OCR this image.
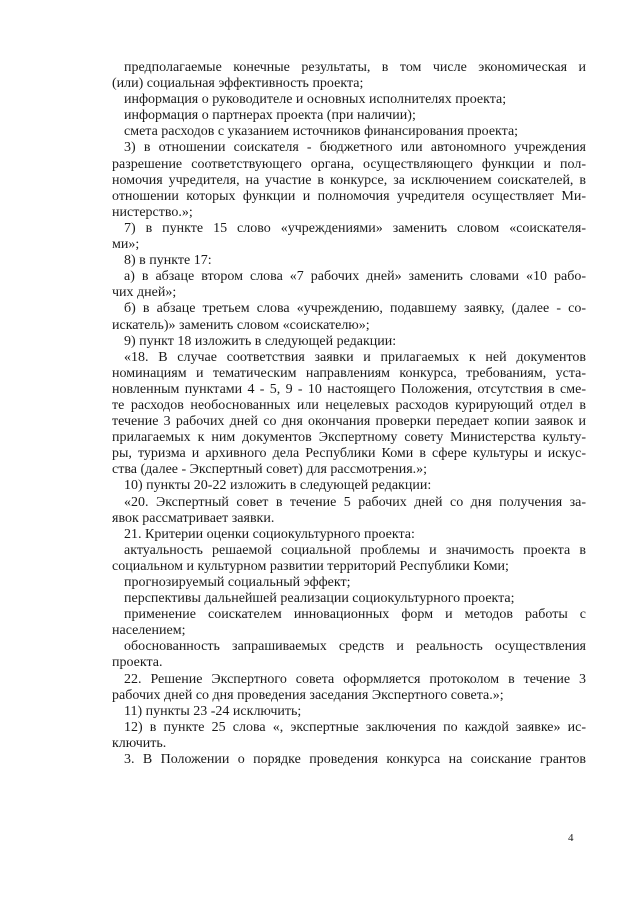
предполагаемые конечные результаты, в том числе экономическая и
(или) социальная эффективность проекта;
информация о руководителе и основных исполнителях проекта;
информация о партнерах проекта (при наличии);
смета расходов с указанием источников финансирования проекта;
3) в отношении соискателя - бюджетного или автономного учреждения
разрешение соответствующего органа, осуществляющего функции и пол-
номочия учредителя, на участие в конкурсе, за исключением соискателей, в
отношении которых функции и полномочия учредителя осуществляет Ми-
нистерство.»;
7) в пункте 15 слово «учреждениями» заменить словом «соискателя-
ми»;
8) в пункте 17:
а) в абзаце втором слова «7 рабочих дней» заменить словами «10 рабо-
чих дней»;
б) в абзаце третьем слова «учреждению, подавшему заявку, (далее - со-
искатель)» заменить словом «соискателю»;
9) пункт 18 изложить в следующей редакции:
«18. В случае соответствия заявки и прилагаемых к ней документов
номинациям и тематическим направлениям конкурса, требованиям, уста-
новленным пунктами 4 - 5, 9 - 10 настоящего Положения, отсутствия в сме-
те расходов необоснованных или нецелевых расходов курирующий отдел в
течение 3 рабочих дней со дня окончания проверки передает копии заявок и
прилагаемых к ним документов Экспертному совету Министерства культу-
ры, туризма и архивного дела Республики Коми в сфере культуры и искус-
ства (далее - Экспертный совет) для рассмотрения.»;
10) пункты 20-22 изложить в следующей редакции:
«20. Экспертный совет в течение 5 рабочих дней со дня получения за-
явок рассматривает заявки.
21. Критерии оценки социокультурного проекта:
актуальность решаемой социальной проблемы и значимость проекта в
социальном и культурном развитии территорий Республики Коми;
прогнозируемый социальный эффект;
перспективы дальнейшей реализации социокультурного проекта;
применение соискателем инновационных форм и методов работы с
населением;
обоснованность запрашиваемых средств и реальность осуществления
проекта.
22. Решение Экспертного совета оформляется протоколом в течение 3
рабочих дней со дня проведения заседания Экспертного совета.»;
11) пункты 23 -24 исключить;
12) в пункте 25 слова «, экспертные заключения по каждой заявке» ис-
ключить.
3. В Положении о порядке проведения конкурса на соискание грантов
4
